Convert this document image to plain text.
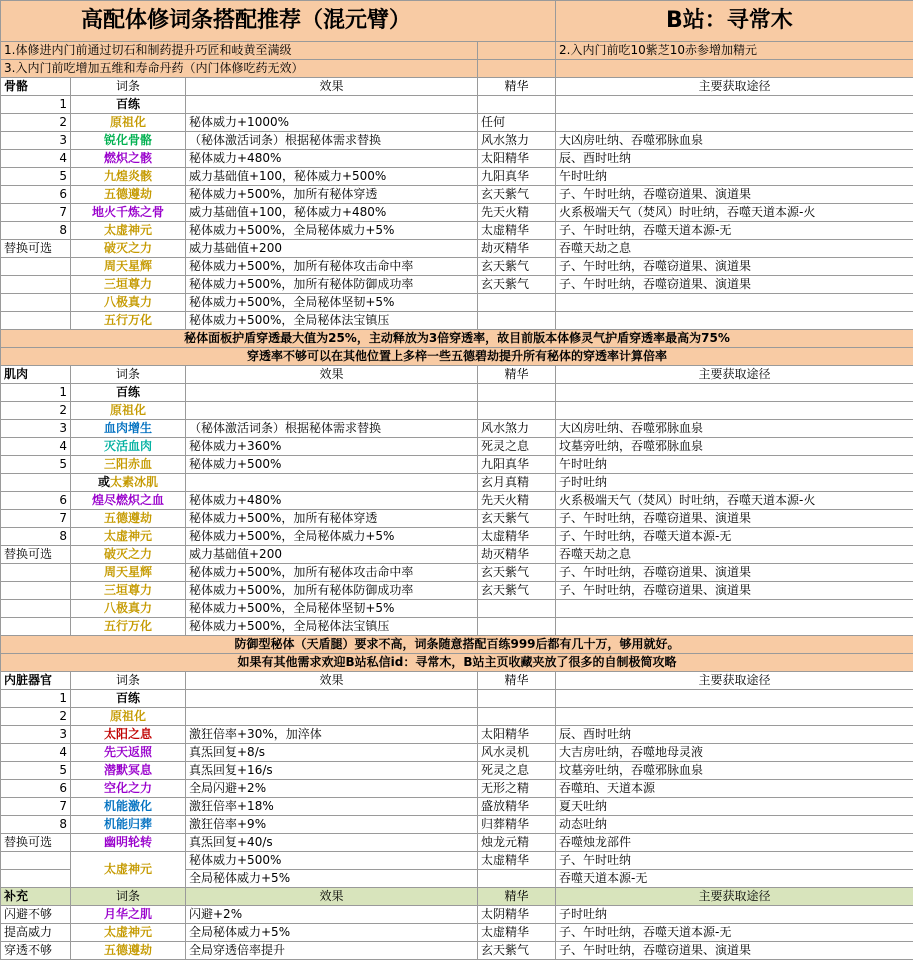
高配体修词条搭配推荐（混元臂）				B站：寻常木
1.体修进内门前通过切石和制药提升巧匠和岐黄至满级				2.入内门前吃10紫芝10赤参增加精元
3.入内门前吃增加五维和寿命丹药（内门体修吃药无效）				
骨骼	词条	效果	精华	主要获取途径
1	百练			
2	原祖化	秘体威力+1000%	任何	
3	锐化骨骼	（秘体激活词条）根据秘体需求替换	风水煞力	大凶房吐纳、吞噬邪脉血泉
4	燃炽之骸	秘体威力+480%	太阳精华	辰、酉时吐纳
5	九煌炎骸	威力基础值+100，秘体威力+500%	九阳真华	午时吐纳
6	五德遵劫	秘体威力+500%，加所有秘体穿透	玄天紫气	子、午时吐纳，吞噬窃道果、演道果
7	地火千炼之骨	威力基础值+100，秘体威力+480%	先天火精	火系极端天气（焚风）时吐纳，吞噬天道本源-火
8	太虚神元	秘体威力+500%，全局秘体威力+5%	太虚精华	子、午时吐纳，吞噬天道本源-无
替换可选	破灭之力	威力基础值+200	劫灭精华	吞噬天劫之息
	周天星辉	秘体威力+500%，加所有秘体攻击命中率	玄天紫气	子、午时吐纳，吞噬窃道果、演道果
	三垣尊力	秘体威力+500%，加所有秘体防御成功率	玄天紫气	子、午时吐纳，吞噬窃道果、演道果
	八极真力	秘体威力+500%，全局秘体坚韧+5%		
	五行万化	秘体威力+500%，全局秘体法宝镇压		
秘体面板护盾穿透最大值为25%，主动释放为3倍穿透率，故目前版本体修灵气护盾穿透率最高为75%				
穿透率不够可以在其他位置上多梓一些五德碧劫提升所有秘体的穿透率计算倍率				
肌肉	词条	效果	精华	主要获取途径
1	百练			
2	原祖化			
3	血肉增生	（秘体激活词条）根据秘体需求替换	风水煞力	大凶房吐纳、吞噬邪脉血泉
4	灭活血肉	秘体威力+360%	死灵之息	坟墓旁吐纳，吞噬邪脉血泉
5	三阳赤血	秘体威力+500%	九阳真华	午时吐纳
	或太素冰肌		玄月真精	子时吐纳
6	煌尽燃炽之血	秘体威力+480%	先天火精	火系极端天气（焚风）时吐纳，吞噬天道本源-火
7	五德遵劫	秘体威力+500%，加所有秘体穿透	玄天紫气	子、午时吐纳，吞噬窃道果、演道果
8	太虚神元	秘体威力+500%，全局秘体威力+5%	太虚精华	子、午时吐纳，吞噬天道本源-无
替换可选	破灭之力	威力基础值+200	劫灭精华	吞噬天劫之息
	周天星辉	秘体威力+500%，加所有秘体攻击命中率	玄天紫气	子、午时吐纳，吞噬窃道果、演道果
	三垣尊力	秘体威力+500%，加所有秘体防御成功率	玄天紫气	子、午时吐纳，吞噬窃道果、演道果
	八极真力	秘体威力+500%，全局秘体坚韧+5%		
	五行万化	秘体威力+500%，全局秘体法宝镇压		
防御型秘体（天盾腿）要求不高，词条随意搭配百练999后都有几十万，够用就好。				
如果有其他需求欢迎B站私信id：寻常木，B站主页收藏夹放了很多的自制极简攻略				
内脏器官	词条	效果	精华	主要获取途径
1	百练			
2	原祖化			
3	太阳之息	激狂倍率+30%，加淬体	太阳精华	辰、酉时吐纳
4	先天返照	真炁回复+8/s	风水灵机	大吉房吐纳，吞噬地母灵液
5	潜默冥息	真炁回复+16/s	死灵之息	坟墓旁吐纳，吞噬邪脉血泉
6	空化之力	全局闪避+2%	无形之精	吞噬珀、天道本源
7	机能激化	激狂倍率+18%	盛放精华	夏天吐纳
8	机能归葬	激狂倍率+9%	归葬精华	动态吐纳
替换可选	幽明轮转	真炁回复+40/s	烛龙元精	吞噬烛龙部件
	太虚神元	秘体威力+500%	太虚精华	子、午时吐纳
		全局秘体威力+5%		吞噬天道本源-无
补充	词条	效果	精华	主要获取途径
闪避不够	月华之肌	闪避+2%	太阴精华	子时吐纳
提高威力	太虚神元	全局秘体威力+5%	太虚精华	子、午时吐纳，吞噬天道本源-无
穿透不够	五德遵劫	全局穿透倍率提升	玄天紫气	子、午时吐纳，吞噬窃道果、演道果
